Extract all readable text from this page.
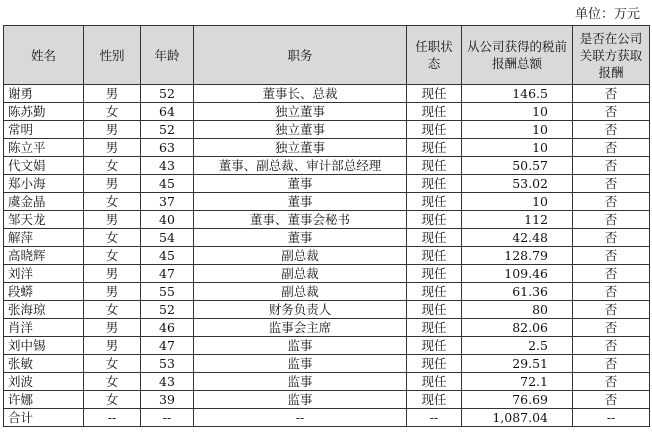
单位：万元
姓名	性别	年龄	职务	任职状态	从公司获得的税前报酬总额	是否在公司关联方获取报酬
谢勇	男	52	董事长、总裁	现任	146.5	否
陈苏勤	女	64	独立董事	现任	10	否
常明	男	52	独立董事	现任	10	否
陈立平	男	63	独立董事	现任	10	否
代文娟	女	43	董事、副总裁、审计部总经理	现任	50.57	否
郑小海	男	45	董事	现任	53.02	否
虞金晶	女	37	董事	现任	10	否
邹天龙	男	40	董事、董事会秘书	现任	112	否
解萍	女	54	董事	现任	42.48	否
高晓辉	女	45	副总裁	现任	128.79	否
刘洋	男	47	副总裁	现任	109.46	否
段蟒	男	55	副总裁	现任	61.36	否
张海琼	女	52	财务负责人	现任	80	否
肖洋	男	46	监事会主席	现任	82.06	否
刘中锡	男	47	监事	现任	2.5	否
张敏	女	53	监事	现任	29.51	否
刘波	女	43	监事	现任	72.1	否
许娜	女	39	监事	现任	76.69	否
合计	--	--	--	--	1,087.04	--
